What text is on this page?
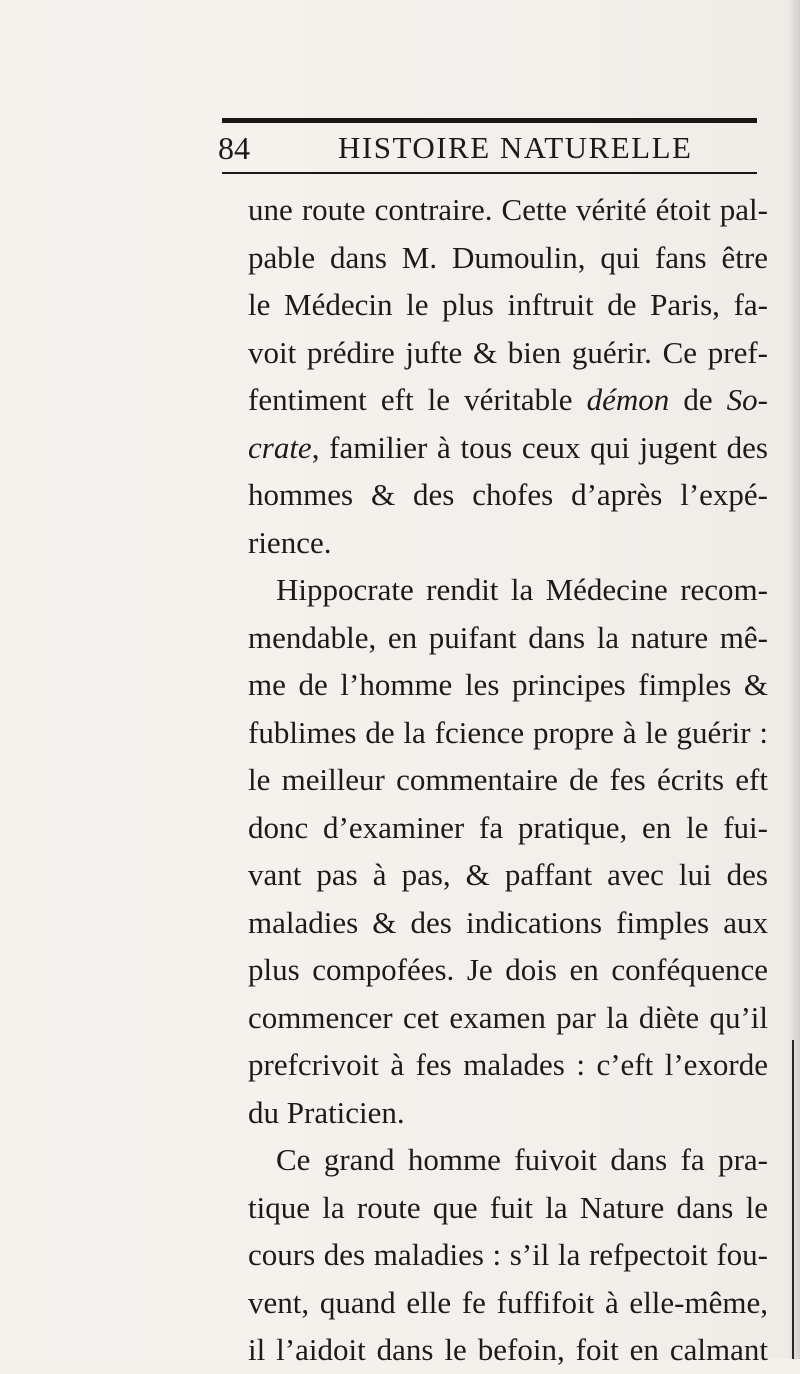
84	HISTOIRE NATURELLE
une route contraire. Cette vérité étoit pal-
pable dans M. Dumoulin, qui fans être
le Médecin le plus inftruit de Paris, fa-
voit prédire jufte & bien guérir. Ce pref-
fentiment eft le véritable démon de So-
crate, familier à tous ceux qui jugent des
hommes & des chofes d’après l’expé-
rience.
Hippocrate rendit la Médecine recom-
mendable, en puifant dans la nature mê-
me de l’homme les principes fimples &
fublimes de la fcience propre à le guérir :
le meilleur commentaire de fes écrits eft
donc d’examiner fa pratique, en le fui-
vant pas à pas, & paffant avec lui des
maladies & des indications fimples aux
plus compofées. Je dois en conféquence
commencer cet examen par la diète qu’il
prefcrivoit à fes malades : c’eft l’exorde
du Praticien.
Ce grand homme fuivoit dans fa pra-
tique la route que fuit la Nature dans le
cours des maladies : s’il la refpectoit fou-
vent, quand elle fe fuffifoit à elle-même,
il l’aidoit dans le befoin, foit en calmant
